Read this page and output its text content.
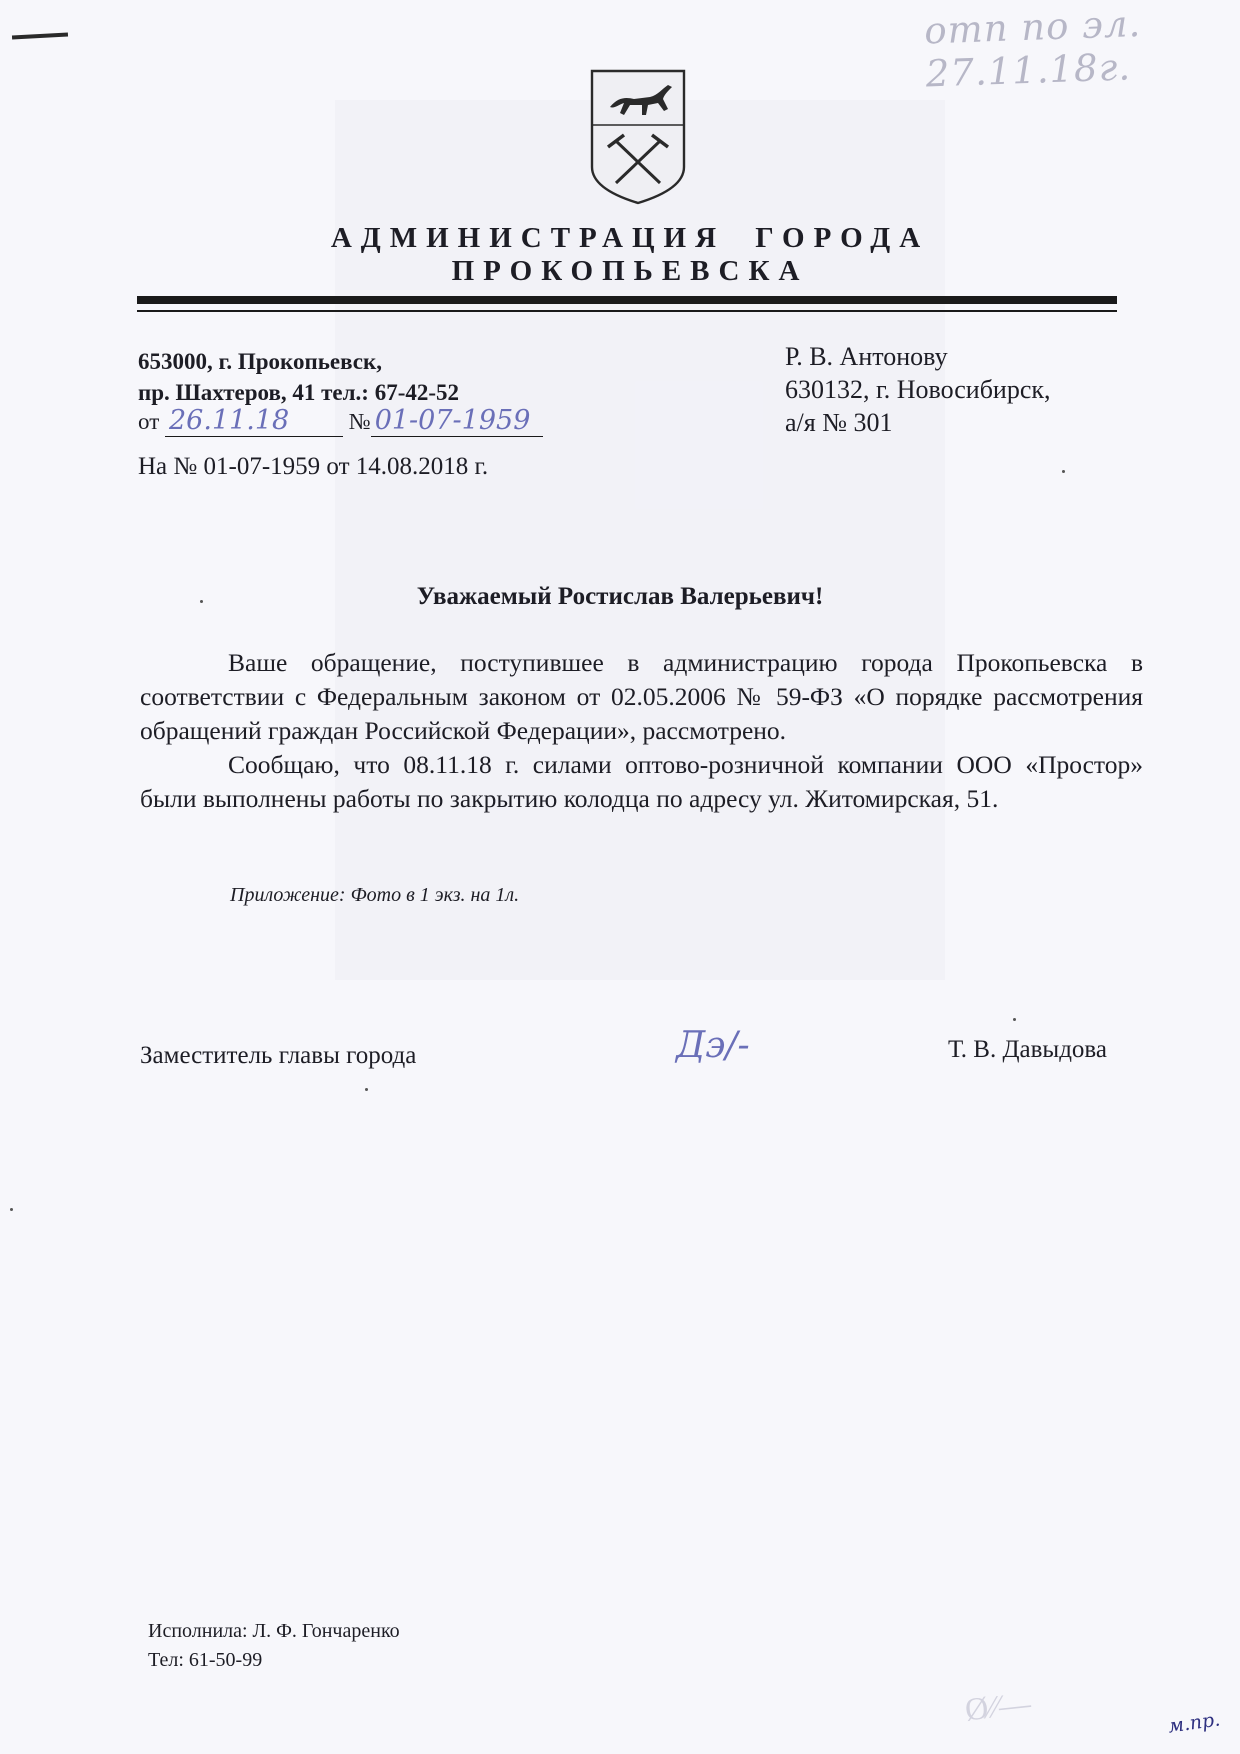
отп по эл. 27.11.18г.
АДМИНИСТРАЦИЯ ГОРОДА ПРОКОПЬЕВСКА
653000, г. Прокопьевск,
пр. Шахтеров, 41 тел.: 67-42-52
от 26.11.18	№ 01-07-1959
На № 01-07-1959 от 14.08.2018 г.
Р. В. Антонову
630132, г. Новосибирск,
а/я № 301
Уважаемый Ростислав Валерьевич!

Ваше обращение, поступившее в администрацию города Прокопьевска в соответствии с Федеральным законом от 02.05.2006 № 59-ФЗ «О порядке рассмотрения обращений граждан Российской Федерации», рассмотрено.

Сообщаю, что 08.11.18 г. силами оптово-розничной компании ООО «Простор» были выполнены работы по закрытию колодца по адресу ул. Житомирская, 51.

Приложение: Фото в 1 экз. на 1л.
Заместитель главы города	Дэ/-	Т. В. Давыдова
Исполнила: Л. Ф. Гончаренко
Тел: 61-50-99
Ø∕∕—	м.пр.
